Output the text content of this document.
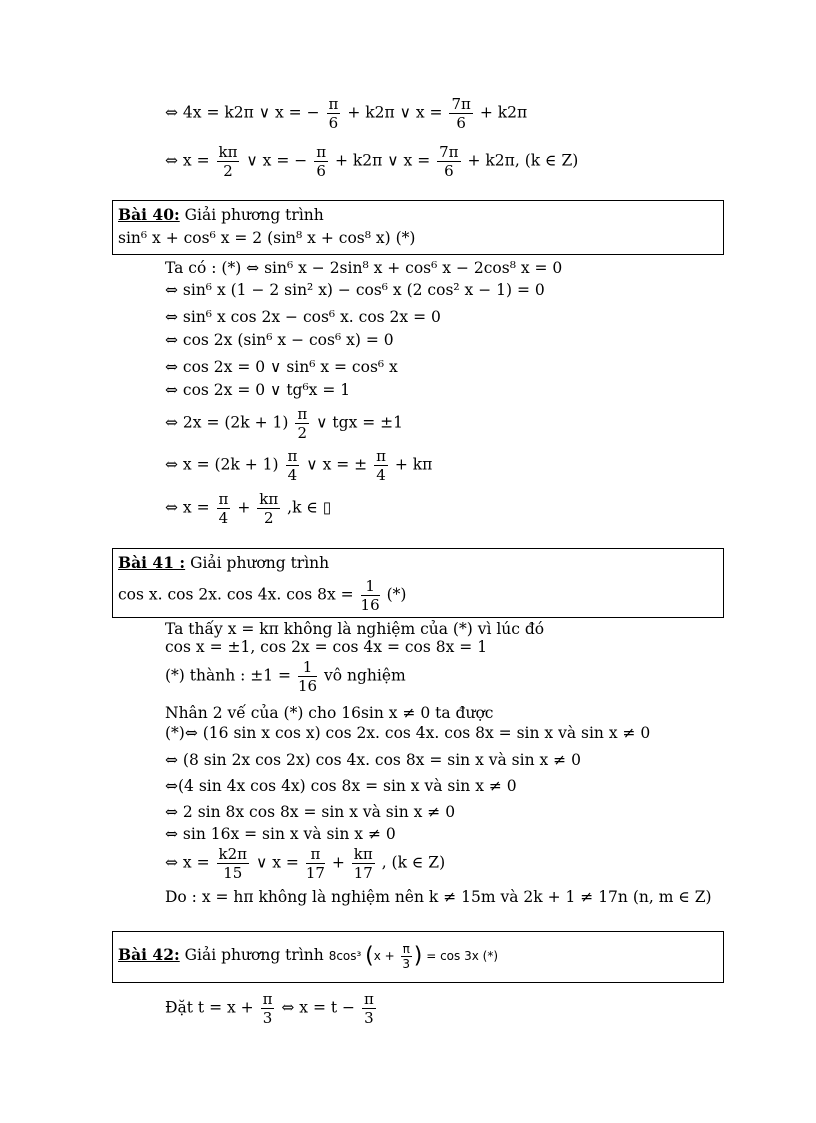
⇔ 4x = k2π ∨ x = − $\frac{\pi}{6} + k2\pi$ ∨ $x = \frac{7\pi}{6} + k2\pi$
⇔ $x = \frac{k\pi}{2}$ ∨ x = − $\frac{\pi}{6} + k2\pi$ ∨ $x = \frac{7\pi}{6} + k2\pi$, (k ∈ Z)
Bài 40: Giải phương trình
sin⁶ x + cos⁶ x = 2 (sin⁸ x + cos⁸ x) (*)
Ta có : (*) ⇔ sin⁶ x − 2sin⁸ x + cos⁶ x − 2cos⁸ x = 0
⇔ sin⁶ x (1 − 2 sin² x) − cos⁶ x (2 cos² x − 1) = 0
⇔ sin⁶ x cos 2x − cos⁶ x. cos 2x = 0
⇔ cos 2x (sin⁶ x − cos⁶ x) = 0
⇔ cos 2x = 0 ∨ sin⁶ x = cos⁶ x
⇔ cos 2x = 0 ∨ tg⁶x = 1
⇔ $2x = (2k + 1) \frac{\pi}{2}$ ∨ tgx = ±1
⇔ $x = (2k + 1) \frac{\pi}{4}$ ∨ x = ± $\frac{\pi}{4} + k\pi$
⇔ $x = \frac{\pi}{4} + \frac{k\pi}{2} ,k$ ∈ ▯
Bài 41 : Giải phương trình
cos x. cos 2x. cos 4x. $\cos 8x = \frac{1}{16}$ (*)
Ta thấy x = kπ không là nghiệm của (*) vì lúc đó
cos x = ±1, cos 2x = cos 4x = cos 8x = 1
(*) thành : $\pm 1 = \frac{1}{16}$ vô nghiệm
Nhân 2 vế của (*) cho 16sin x ≠ 0 ta được
(*)⇔ (16 sin x cos x) cos 2x. cos 4x. cos 8x = sin x và sin x ≠ 0
⇔ (8 sin 2x cos 2x) cos 4x. cos 8x = sin x và sin x ≠ 0
⇔(4 sin 4x cos 4x) cos 8x = sin x và sin x ≠ 0
⇔ 2 sin 8x cos 8x = sin x và sin x ≠ 0
⇔ sin 16x = sin x và sin x ≠ 0
⇔ $x = \frac{k2\pi}{15}$ ∨ $x = \frac{\pi}{17} + \frac{k\pi}{17}$ , (k ∈ Z)
Do : x = hπ không là nghiệm nên k ≠ 15m và 2k + 1 ≠ 17n (n, m ∈ Z)
Bài 42: Giải phương trình 8cos³ ($x + \frac{\pi}{3}$ ) = cos 3x (*)
Đặt $t = x + \frac{\pi}{3}$ ⇔ $x = t - \frac{\pi}{3}$
